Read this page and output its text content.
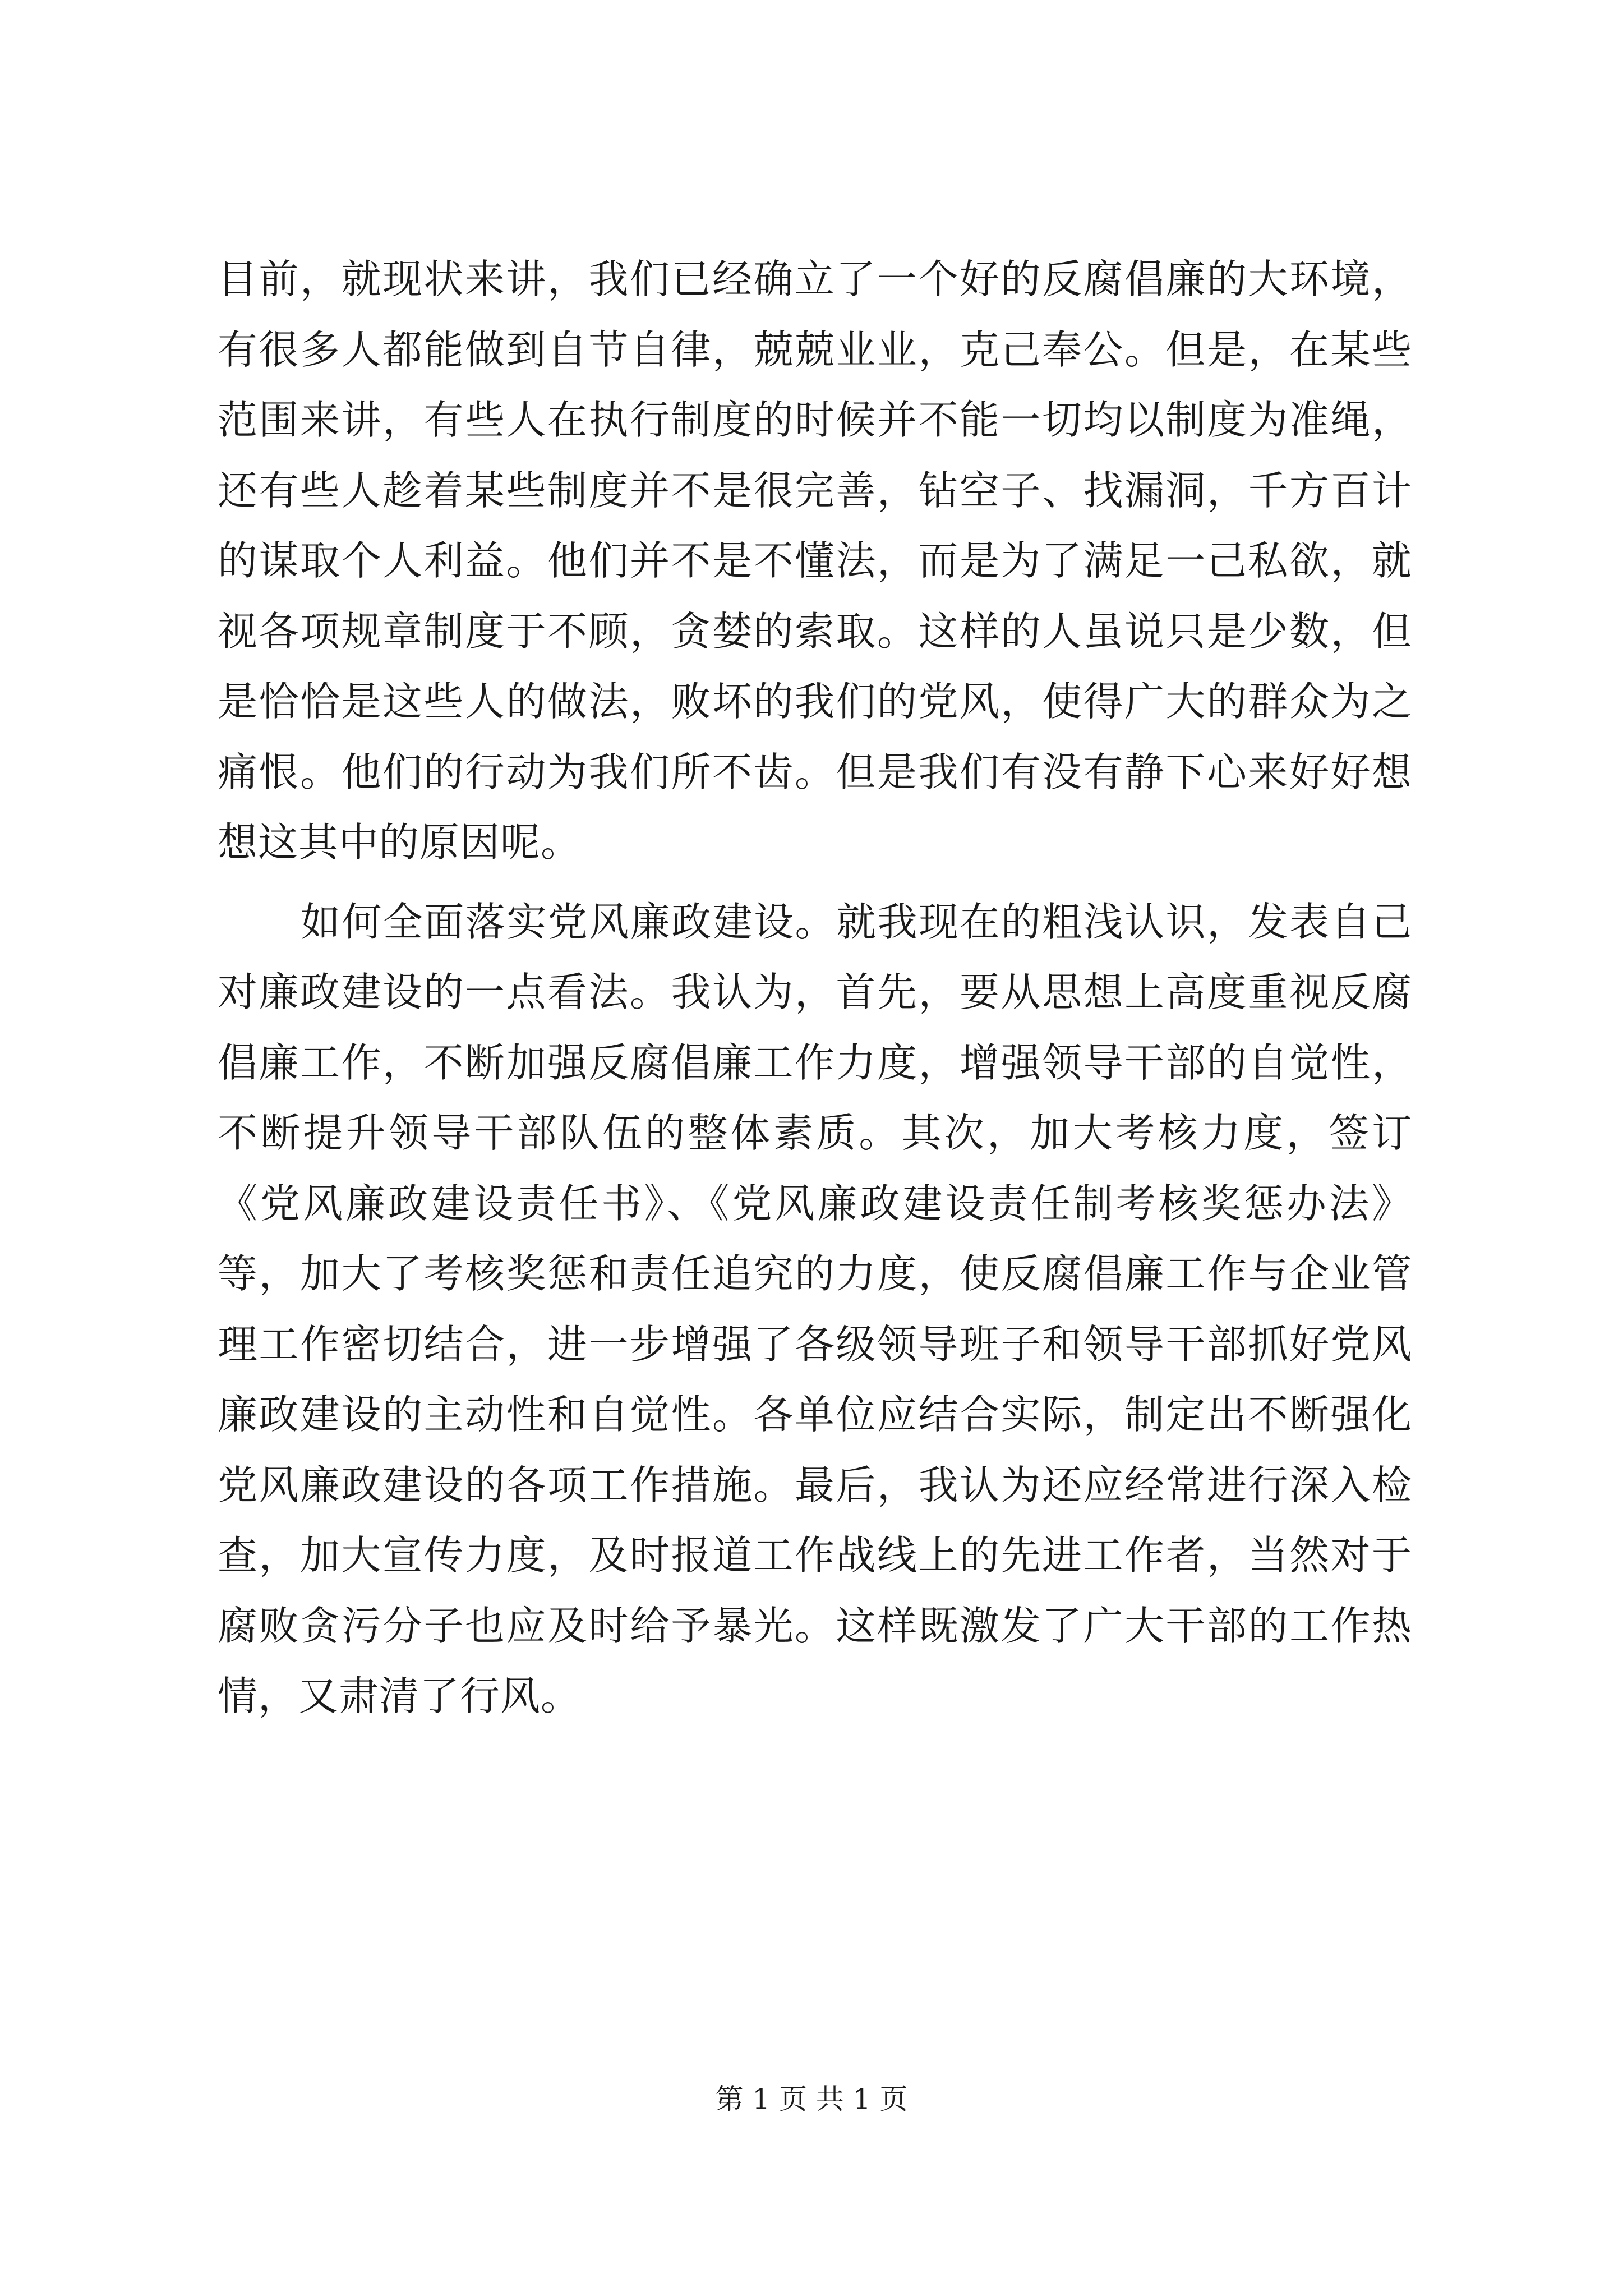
目前，就现状来讲，我们已经确立了一个好的反腐倡廉的大环境，有很多人都能做到自节自律，兢兢业业，克己奉公。但是，在某些范围来讲，有些人在执行制度的时候并不能一切均以制度为准绳，还有些人趁着某些制度并不是很完善，钻空子、找漏洞，千方百计的谋取个人利益。他们并不是不懂法，而是为了满足一己私欲，就视各项规章制度于不顾，贪婪的索取。这样的人虽说只是少数，但是恰恰是这些人的做法，败坏的我们的党风，使得广大的群众为之痛恨。他们的行动为我们所不齿。但是我们有没有静下心来好好想想这其中的原因呢。

如何全面落实党风廉政建设。就我现在的粗浅认识，发表自己对廉政建设的一点看法。我认为，首先，要从思想上高度重视反腐倡廉工作，不断加强反腐倡廉工作力度，增强领导干部的自觉性，不断提升领导干部队伍的整体素质。其次，加大考核力度，签订《党风廉政建设责任书》、《党风廉政建设责任制考核奖惩办法》等，加大了考核奖惩和责任追究的力度，使反腐倡廉工作与企业管理工作密切结合，进一步增强了各级领导班子和领导干部抓好党风廉政建设的主动性和自觉性。各单位应结合实际，制定出不断强化党风廉政建设的各项工作措施。最后，我认为还应经常进行深入检查，加大宣传力度，及时报道工作战线上的先进工作者，当然对于腐败贪污分子也应及时给予暴光。这样既激发了广大干部的工作热情，又肃清了行风。

第 1 页 共 1 页
